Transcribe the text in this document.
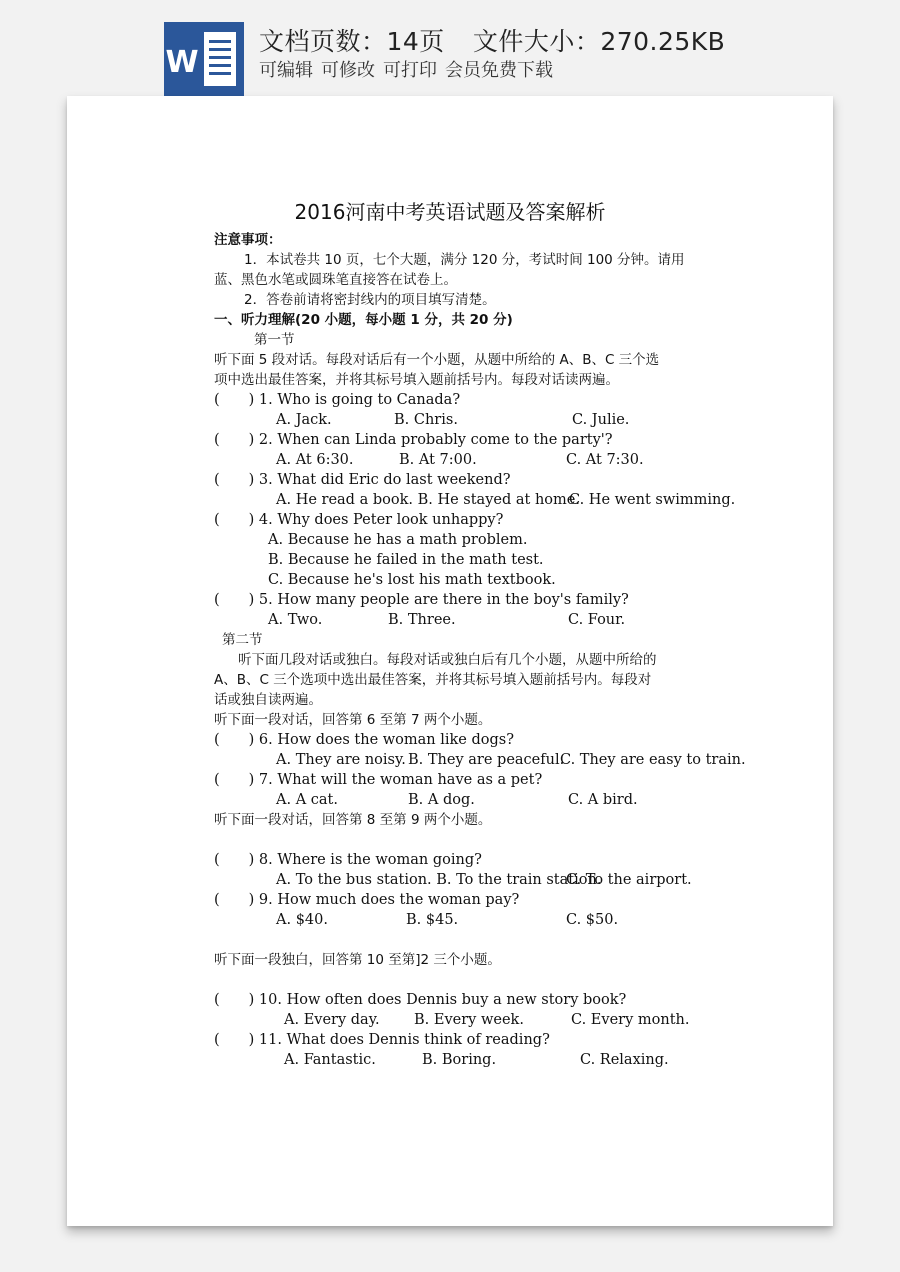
W
文档页数：14页 文件大小：270.25KB
可编辑 可修改 可打印 会员免费下载
2016河南中考英语试题及答案解析
注意事项：
1．本试卷共 10 页，七个大题，满分 120 分，考试时间 100 分钟。请用
蓝、黑色水笔或圆珠笔直接答在试卷上。
2．答卷前请将密封线内的项目填写清楚。
一、听力理解(20 小题，每小题 1 分，共 20 分)
第一节
听下面 5 段对话。每段对话后有一个小题，从题中所给的 A、B、C 三个选
项中选出最佳答案，并将其标号填入题前括号内。每段对话读两遍。
(　　) 1. Who is going to Canada?
A. Jack.	B. Chris.	C. Julie.
(　　) 2. When can Linda probably come to the party'?
A. At 6:30.	B. At 7:00.	C. At 7:30.
(　　) 3. What did Eric do last weekend?
A. He read a book. B. He stayed at home.
C. He went swimming.
(　　) 4. Why does Peter look unhappy?
A. Because he has a math problem.
B. Because he failed in the math test.
C. Because he's lost his math textbook.
(　　) 5. How many people are there in the boy's family?
A. Two.	B. Three.	C. Four.
第二节
听下面几段对话或独白。每段对话或独白后有几个小题，从题中所给的
A、B、C 三个选项中选出最佳答案，并将其标号填入题前括号内。每段对
话或独自读两遍。
听下面一段对话，回答第 6 至第 7 两个小题。
(　　) 6. How does the woman like dogs?
A. They are noisy. B. They are peaceful.
C. They are easy to train.
(　　) 7. What will the woman have as a pet?
A. A cat.	B. A dog.	C. A bird.
听下面一段对话，回答第 8 至第 9 两个小题。
(　　) 8. Where is the woman going?
A. To the bus station. B. To the train station.
C. To the airport.
(　　) 9. How much does the woman pay?
A. $40.	B. $45.	C. $50.
听下面一段独白，回答第 10 至第]2 三个小题。
(　　) 10. How often does Dennis buy a new story book?
A. Every day. B. Every week.	C. Every month.
(　　) 11. What does Dennis think of reading?
A. Fantastic.	B. Boring.	C. Relaxing.
